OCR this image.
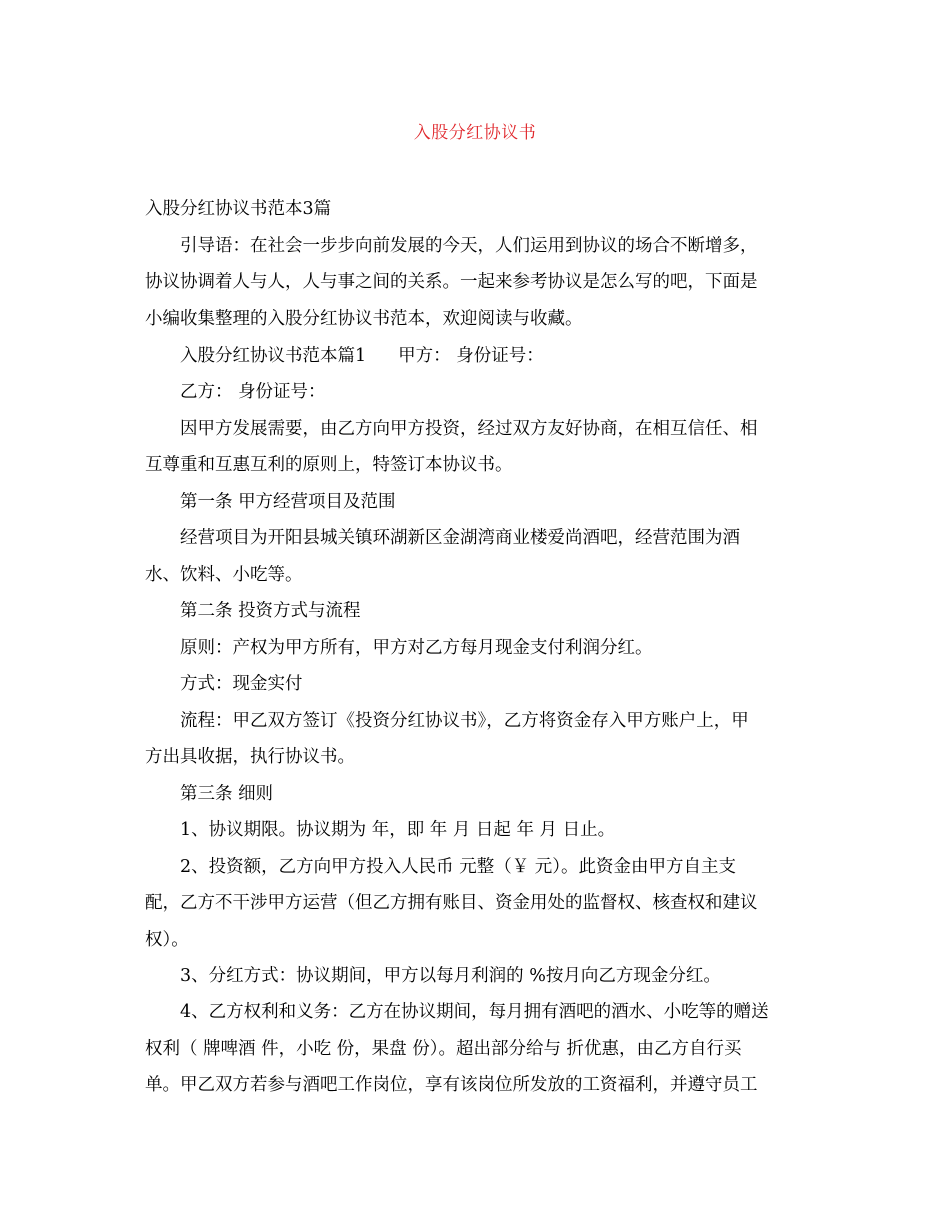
入股分红协议书
入股分红协议书范本3篇
引导语：在社会一步步向前发展的今天，人们运用到协议的场合不断增多，
协议协调着人与人，人与事之间的关系。一起来参考协议是怎么写的吧，下面是
小编收集整理的入股分红协议书范本，欢迎阅读与收藏。
入股分红协议书范本篇1 甲方： 身份证号：
乙方： 身份证号：
因甲方发展需要，由乙方向甲方投资，经过双方友好协商，在相互信任、相
互尊重和互惠互利的原则上，特签订本协议书。
第一条 甲方经营项目及范围
经营项目为开阳县城关镇环湖新区金湖湾商业楼爱尚酒吧，经营范围为酒
水、饮料、小吃等。
第二条 投资方式与流程
原则：产权为甲方所有，甲方对乙方每月现金支付利润分红。
方式：现金实付
流程：甲乙双方签订《投资分红协议书》，乙方将资金存入甲方账户上，甲
方出具收据，执行协议书。
第三条 细则
1、协议期限。协议期为 年，即 年 月 日起 年 月 日止。
2、投资额，乙方向甲方投入人民币 元整（￥ 元）。此资金由甲方自主支
配，乙方不干涉甲方运营（但乙方拥有账目、资金用处的监督权、核查权和建议
权）。
3、分红方式：协议期间，甲方以每月利润的 %按月向乙方现金分红。
4、乙方权利和义务：乙方在协议期间，每月拥有酒吧的酒水、小吃等的赠送
权利（ 牌啤酒 件，小吃 份，果盘 份）。超出部分给与 折优惠，由乙方自行买
单。甲乙双方若参与酒吧工作岗位，享有该岗位所发放的工资福利，并遵守员工
